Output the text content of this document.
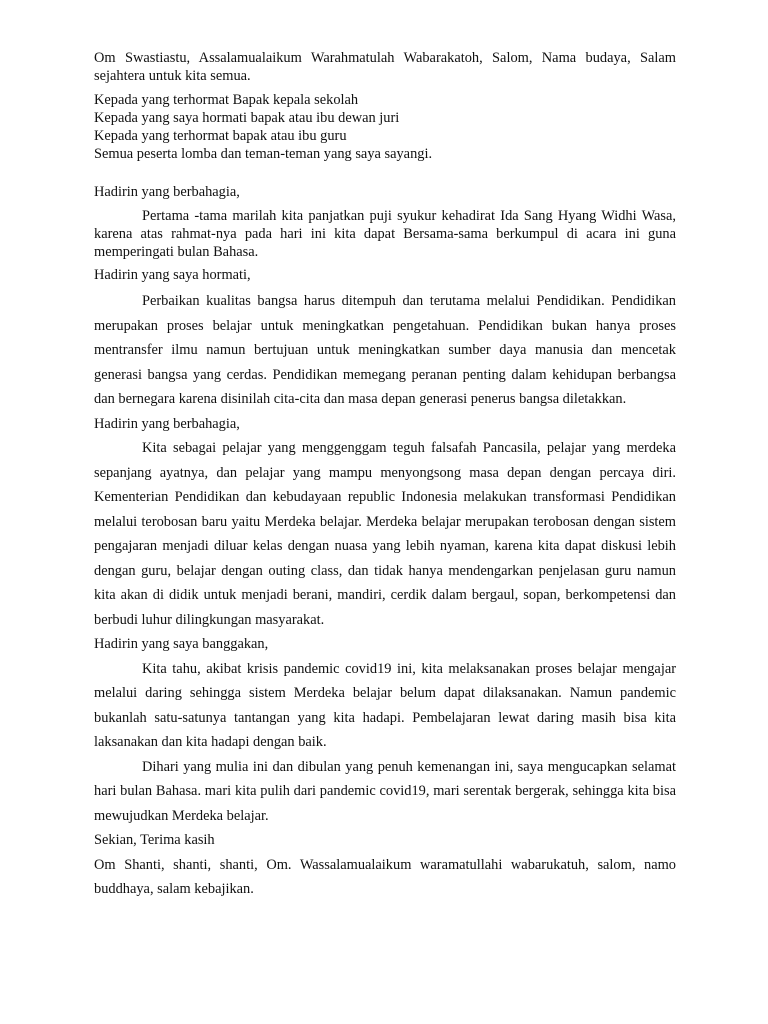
Om Swastiastu, Assalamualaikum Warahmatulah Wabarakatoh, Salom, Nama budaya, Salam sejahtera untuk kita semua.

Kepada yang terhormat Bapak kepala sekolah
Kepada yang saya hormati bapak atau ibu dewan juri
Kepada yang terhormat bapak atau ibu guru
Semua peserta lomba dan teman-teman yang saya sayangi.

Hadirin yang berbahagia,

Pertama -tama marilah kita panjatkan puji syukur kehadirat Ida Sang Hyang Widhi Wasa, karena atas rahmat-nya pada hari ini kita dapat Bersama-sama berkumpul di acara ini guna memperingati bulan Bahasa.

Hadirin yang saya hormati,

Perbaikan kualitas bangsa harus ditempuh dan terutama melalui Pendidikan. Pendidikan merupakan proses belajar untuk meningkatkan pengetahuan. Pendidikan bukan hanya proses mentransfer ilmu namun bertujuan untuk meningkatkan sumber daya manusia dan mencetak generasi bangsa yang cerdas. Pendidikan memegang peranan penting dalam kehidupan berbangsa dan bernegara karena disinilah cita-cita dan masa depan generasi penerus bangsa diletakkan.

Hadirin yang berbahagia,

Kita sebagai pelajar yang menggenggam teguh falsafah Pancasila, pelajar yang merdeka sepanjang ayatnya, dan pelajar yang mampu menyongsong masa depan dengan percaya diri. Kementerian Pendidikan dan kebudayaan republic Indonesia melakukan transformasi Pendidikan melalui terobosan baru yaitu Merdeka belajar. Merdeka belajar merupakan terobosan dengan sistem pengajaran menjadi diluar kelas dengan nuasa yang lebih nyaman, karena kita dapat diskusi lebih dengan guru, belajar dengan outing class, dan tidak hanya mendengarkan penjelasan guru namun kita akan di didik untuk menjadi berani, mandiri, cerdik dalam bergaul, sopan, berkompetensi dan berbudi luhur dilingkungan masyarakat.

Hadirin yang saya banggakan,

Kita tahu, akibat krisis pandemic covid19 ini, kita melaksanakan proses belajar mengajar melalui daring sehingga sistem Merdeka belajar belum dapat dilaksanakan. Namun pandemic bukanlah satu-satunya tantangan yang kita hadapi. Pembelajaran lewat daring masih bisa kita laksanakan dan kita hadapi dengan baik.

Dihari yang mulia ini dan dibulan yang penuh kemenangan ini, saya mengucapkan selamat hari bulan Bahasa. mari kita pulih dari pandemic covid19, mari serentak bergerak, sehingga kita bisa mewujudkan Merdeka belajar.

Sekian, Terima kasih

Om Shanti, shanti, shanti, Om. Wassalamualaikum waramatullahi wabarukatuh, salom, namo buddhaya, salam kebajikan.
